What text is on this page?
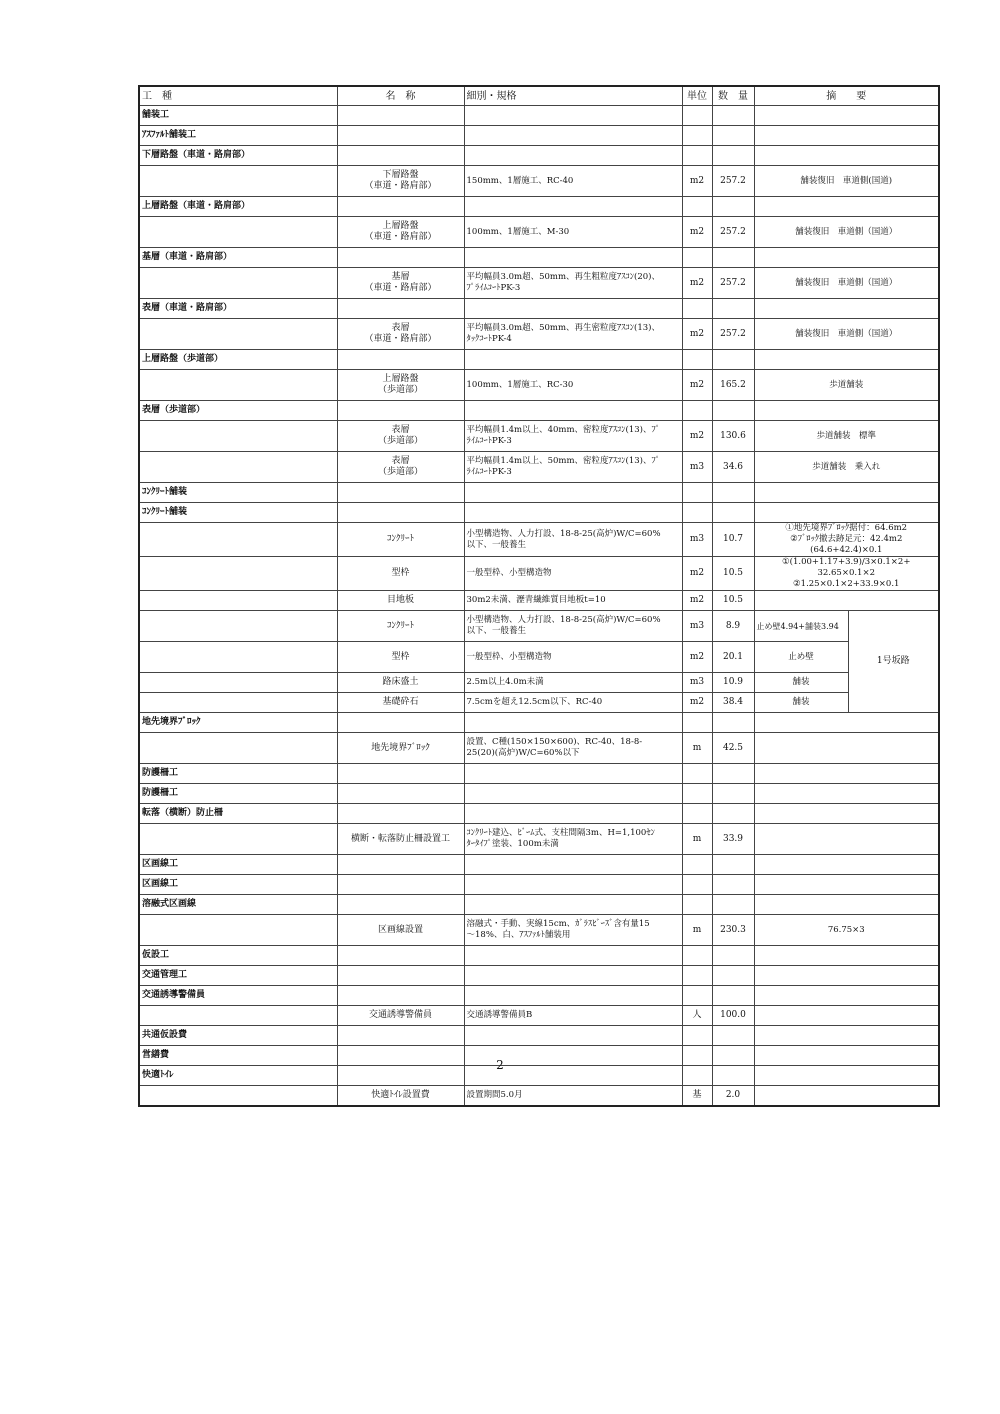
工　種	名　称	細別・規格	単位	数　量	摘　　要	
舗装工						
ｱｽﾌｧﾙﾄ舗装工						
下層路盤（車道・路肩部）						
	下層路盤
（車道・路肩部）	150mm、1層施工、RC-40	m2	257.2	舗装復旧　車道側(国道)	
上層路盤（車道・路肩部）						
	上層路盤
（車道・路肩部）	100mm、1層施工、M-30	m2	257.2	舗装復旧　車道側（国道）	
基層（車道・路肩部）						
	基層
（車道・路肩部）	平均幅員3.0m超、50mm、再生粗粒度ｱｽｺﾝ(20)、
ﾌﾟﾗｲﾑｺｰﾄPK-3	m2	257.2	舗装復旧　車道側（国道）	
表層（車道・路肩部）						
	表層
（車道・路肩部）	平均幅員3.0m超、50mm、再生密粒度ｱｽｺﾝ(13)、
ﾀｯｸｺｰﾄPK-4	m2	257.2	舗装復旧　車道側（国道）	
上層路盤（歩道部）						
	上層路盤
（歩道部）	100mm、1層施工、RC-30	m2	165.2	歩道舗装	
表層（歩道部）						
	表層
（歩道部）	平均幅員1.4m以上、40mm、密粒度ｱｽｺﾝ(13)、ﾌﾟ
ﾗｲﾑｺｰﾄPK-3	m2	130.6	歩道舗装　標準	
	表層
（歩道部）	平均幅員1.4m以上、50mm、密粒度ｱｽｺﾝ(13)、ﾌﾟ
ﾗｲﾑｺｰﾄPK-3	m3	34.6	歩道舗装　乗入れ	
ｺﾝｸﾘｰﾄ舗装						
ｺﾝｸﾘｰﾄ舗装						
	ｺﾝｸﾘｰﾄ	小型構造物、人力打設、18-8-25(高炉)W/C=60%
以下、一般養生	m3	10.7	①地先境界ﾌﾞﾛｯｸ据付：64.6m2
②ﾌﾞﾛｯｸ撤去跡足元：42.4m2
(64.6+42.4)×0.1	
	型枠	一般型枠、小型構造物	m2	10.5	①(1.00+1.17+3.9)/3×0.1×2+
32.65×0.1×2
②1.25×0.1×2+33.9×0.1	
	目地板	30m2未満、瀝青繊維質目地板t=10	m2	10.5		
	ｺﾝｸﾘｰﾄ	小型構造物、人力打設、18-8-25(高炉)W/C=60%
以下、一般養生	m3	8.9	止め壁4.94+舗装3.94	1号坂路
	型枠	一般型枠、小型構造物	m2	20.1	止め壁	
	路床盛土	2.5m以上4.0m未満	m3	10.9	舗装	
	基礎砕石	7.5cmを超え12.5cm以下、RC-40	m2	38.4	舗装	
地先境界ﾌﾞﾛｯｸ						
	地先境界ﾌﾞﾛｯｸ	設置、C種(150×150×600)、RC-40、18-8-
25(20)(高炉)W/C=60%以下	m	42.5		
防護柵工						
防護柵工						
転落（横断）防止柵						
	横断・転落防止柵設置工	ｺﾝｸﾘｰﾄ建込、ﾋﾞｰﾑ式、支柱間隔3m、H=1,100ｾﾝ
ﾀｰﾀｲﾌﾟ塗装、100m未満	m	33.9		
区画線工						
区画線工						
溶融式区画線						
	区画線設置	溶融式・手動、実線15cm、ｶﾞﾗｽﾋﾞｰｽﾞ含有量15
～18%、白、ｱｽﾌｧﾙﾄ舗装用	m	230.3	76.75×3	
仮設工						
交通管理工						
交通誘導警備員						
	交通誘導警備員	交通誘導警備員B	人	100.0		
共通仮設費						
営繕費						
快適ﾄｲﾚ						
	快適ﾄｲﾚ設置費	設置期間5.0月	基	2.0		
2
